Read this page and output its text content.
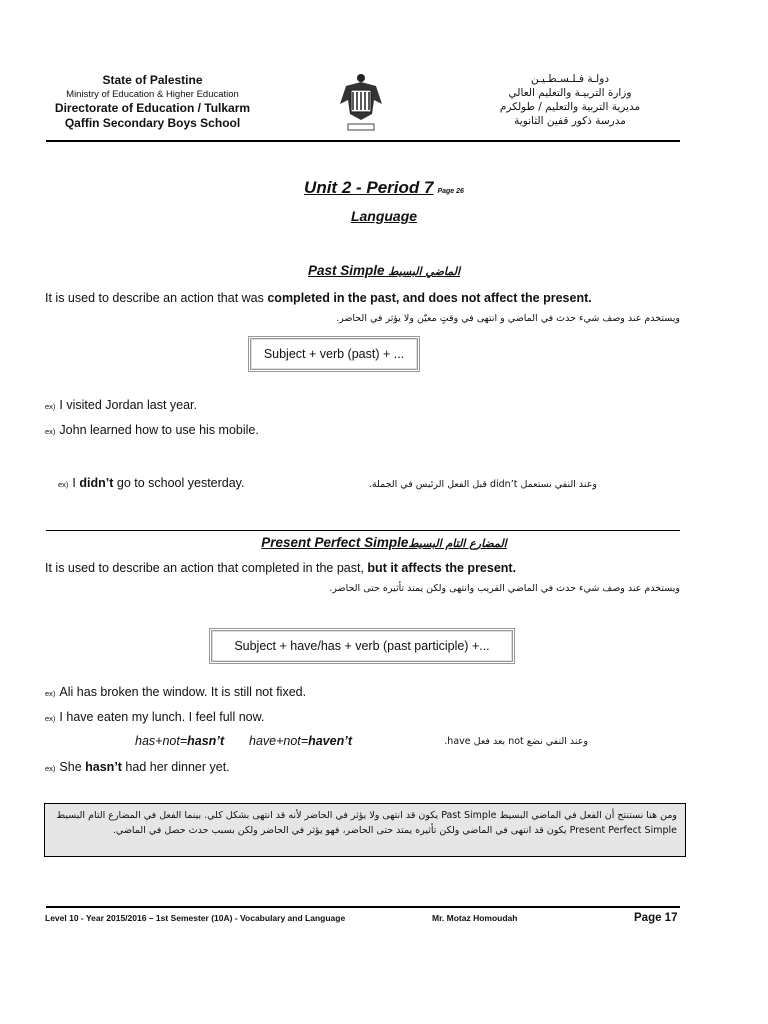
State of Palestine
Ministry of Education & Higher Education
Directorate of Education / Tulkarm
Qaffin Secondary Boys School
دولـة فـلـسـطـيـن
وزارة التربيـة والتعليم العالي
مديرية التربية والتعليم / طولكرم
مدرسة ذكور قفين الثانوية
Unit 2 - Period 7 Page 26
Language
Past Simple الماضي البسيط
It is used to describe an action that was completed in the past, and does not affect the present.
ويستخدم عند وصف شيء حدث في الماضي و انتهى في وقتٍ معيّن ولا يؤثر في الحاضر.
Subject + verb (past) + ...
ex) I visited Jordan last year.
ex) John learned how to use his mobile.
ex) I didn’t go to school yesterday.	وعند النفي نستعمل didn’t قبل الفعل الرئيس في الجملة.
Present Perfect Simpleالمضارع التام البسيط
It is used to describe an action that completed in the past, but it affects the present.
ويستخدم عند وصف شيء حدث في الماضي القريب وانتهى ولكن يمتد تأثيره حتى الحاضر.
Subject + have/has + verb (past participle) +...
ex) Ali has broken the window. It is still not fixed.
ex) I have eaten my lunch. I feel full now.
has+not=hasn’t have+not=haven’t	وعند النفي نضع not بعد فعل have.
ex) She hasn’t had her dinner yet.
ومن هنا نستنتج أن الفعل في الماضي البسيط Past Simple يكون قد انتهى ولا يؤثر في الحاضر لأنه قد انتهى بشكل كلي. بينما الفعل في المضارع التام البسيط Present Perfect Simple يكون قد انتهى في الماضي ولكن تأثيره يمتد حتى الحاضر، فهو يؤثر في الحاضر ولكن بسبب حدث حصل في الماضي.
Level 10 - Year 2015/2016 – 1st Semester (10A) - Vocabulary and Language	Mr. Motaz Homoudah	Page 17
